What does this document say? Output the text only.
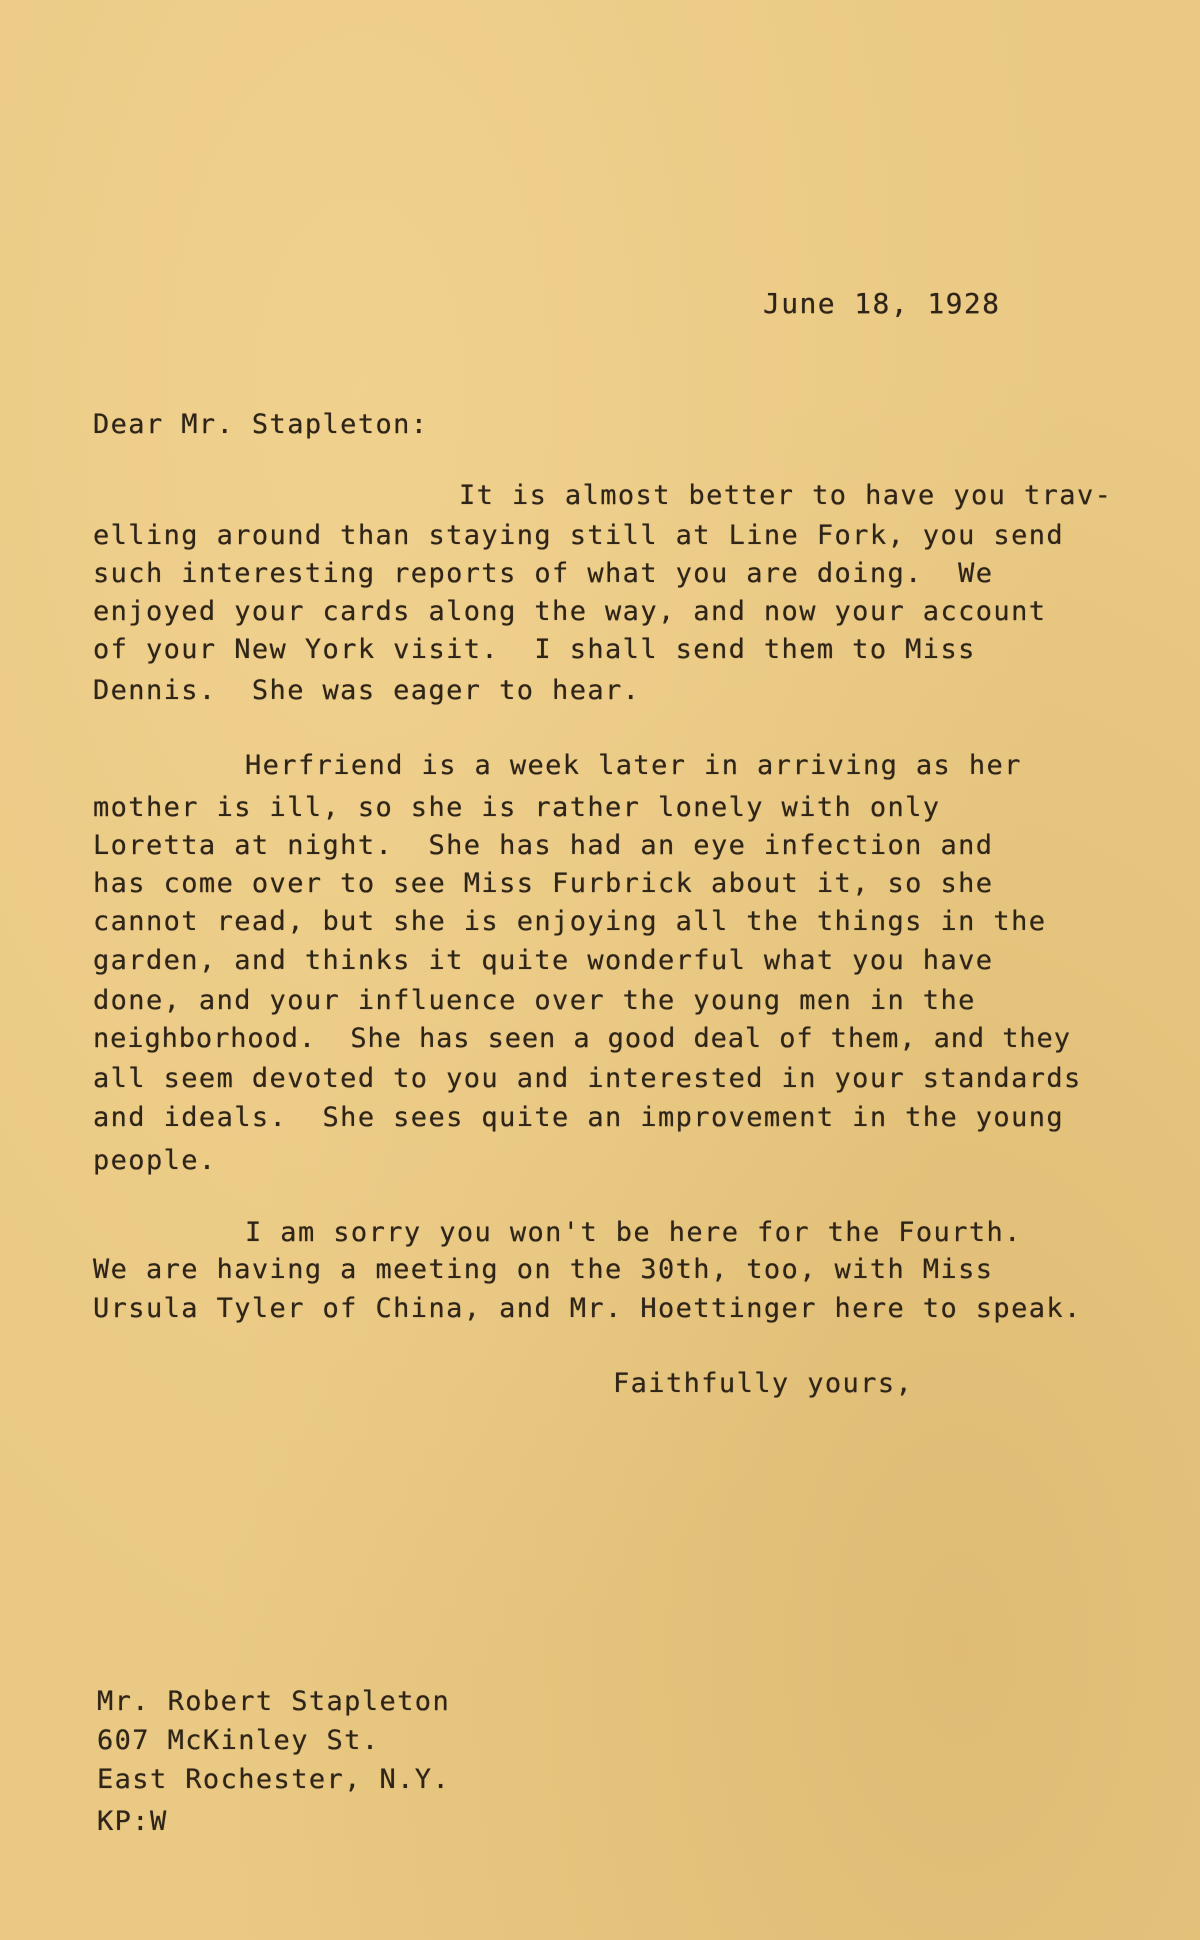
June 18, 1928
Dear Mr. Stapleton:
It is almost better to have you trav-
elling around than staying still at Line Fork, you send
such interesting reports of what you are doing.  We
enjoyed your cards along the way, and now your account
of your New York visit.  I shall send them to Miss
Dennis.  She was eager to hear.
Herfriend is a week later in arriving as her
mother is ill, so she is rather lonely with only
Loretta at night.  She has had an eye infection and
has come over to see Miss Furbrick about it, so she
cannot read, but she is enjoying all the things in the
garden, and thinks it quite wonderful what you have
done, and your influence over the young men in the
neighborhood.  She has seen a good deal of them, and they
all seem devoted to you and interested in your standards
and ideals.  She sees quite an improvement in the young
people.
I am sorry you won't be here for the Fourth.
We are having a meeting on the 30th, too, with Miss
Ursula Tyler of China, and Mr. Hoettinger here to speak.
Faithfully yours,
Mr. Robert Stapleton
607 McKinley St.
East Rochester, N.Y.
KP:W
